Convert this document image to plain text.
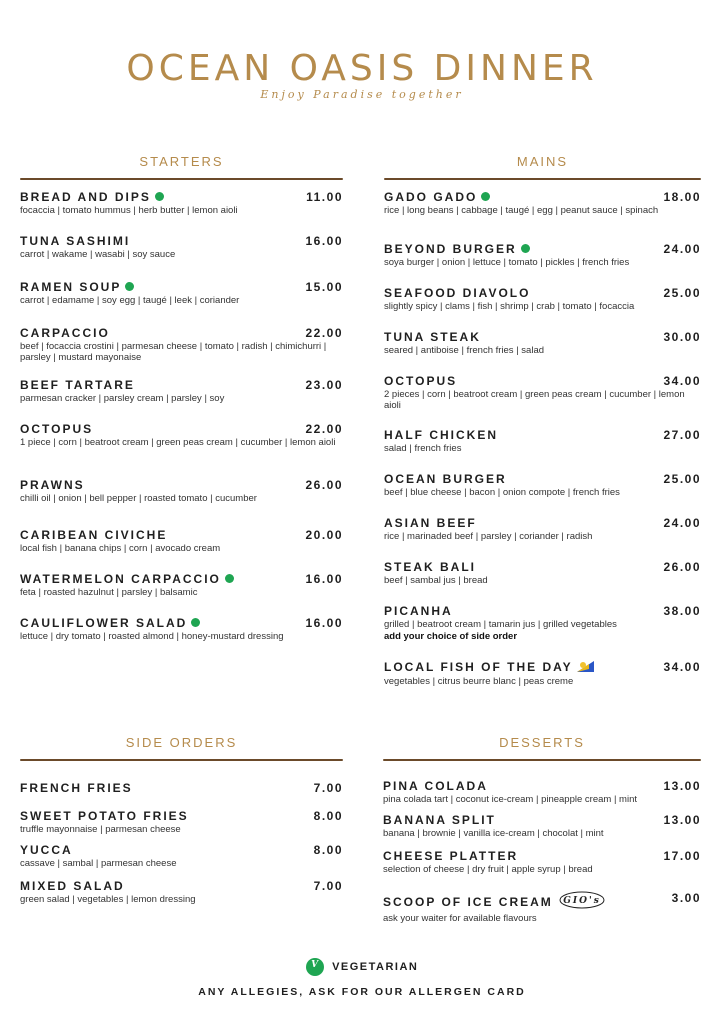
OCEAN OASIS DINNER
Enjoy Paradise together
STARTERS
BREAD AND DIPS	11.00
focaccia | tomato hummus | herb butter | lemon aioli
TUNA SASHIMI	16.00
carrot | wakame | wasabi | soy sauce
RAMEN SOUP	15.00
carrot | edamame | soy egg | taugé | leek | coriander
CARPACCIO	22.00
beef | focaccia crostini | parmesan cheese | tomato | radish | chimichurri | parsley | mustard mayonaise
BEEF TARTARE	23.00
parmesan cracker | parsley cream | parsley | soy
OCTOPUS	22.00
1 piece | corn | beatroot cream | green peas cream | cucumber | lemon aioli
PRAWNS	26.00
chilli oil | onion | bell pepper | roasted tomato | cucumber
CARIBEAN CIVICHE	20.00
local fish | banana chips | corn | avocado cream
WATERMELON CARPACCIO	16.00
feta | roasted hazulnut | parsley | balsamic
CAULIFLOWER SALAD	16.00
lettuce | dry tomato | roasted almond | honey-mustard dressing
MAINS
GADO GADO	18.00
rice | long beans | cabbage | taugé | egg | peanut sauce | spinach
BEYOND BURGER	24.00
soya burger | onion | lettuce | tomato | pickles | french fries
SEAFOOD DIAVOLO	25.00
slightly spicy | clams | fish | shrimp | crab | tomato | focaccia
TUNA STEAK	30.00
seared | antiboise | french fries | salad
OCTOPUS	34.00
2 pieces | corn | beatroot cream | green peas cream | cucumber | lemon aioli
HALF CHICKEN	27.00
salad | french fries
OCEAN BURGER	25.00
beef | blue cheese | bacon | onion compote | french fries
ASIAN BEEF	24.00
rice | marinaded beef | parsley | coriander | radish
STEAK BALI	26.00
beef | sambal jus | bread
PICANHA	38.00
grilled | beatroot cream | tamarin jus | grilled vegetables
add your choice of side order
LOCAL FISH OF THE DAY	34.00
vegetables | citrus beurre blanc | peas creme
SIDE ORDERS
FRENCH FRIES	7.00
SWEET POTATO FRIES	8.00
truffle mayonnaise | parmesan cheese
YUCCA	8.00
cassave | sambal | parmesan cheese
MIXED SALAD	7.00
green salad | vegetables | lemon dressing
DESSERTS
PINA COLADA	13.00
pina colada tart | coconut ice-cream | pineapple cream | mint
BANANA SPLIT	13.00
banana | brownie | vanilla ice-cream | chocolat | mint
CHEESE PLATTER	17.00
selection of cheese | dry fruit | apple syrup | bread
SCOOP OF ICE CREAM GIO's	3.00
ask your waiter for available flavours
V	VEGETARIAN
ANY ALLEGIES, ASK FOR OUR ALLERGEN CARD
